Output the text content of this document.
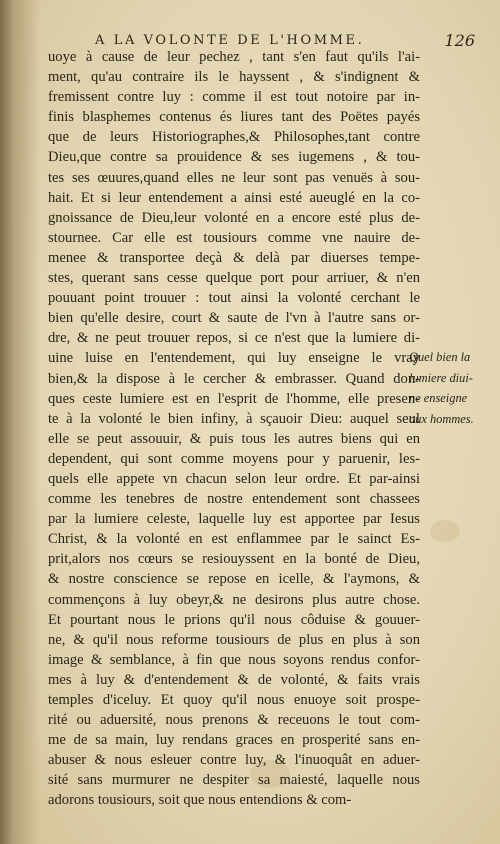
A LA VOLONTE DE L'HOMME.	126
uoye à cause de leur pechez , tant s'en faut qu'ils l'ai-
ment, qu'au contraire ils le hayssent , & s'indignent &
fremissent contre luy : comme il est tout notoire par in-
finis blasphemes contenus és liures tant des Poëtes payés
que de leurs Historiographes,& Philosophes,tant contre
Dieu,que contre sa prouidence & ses iugemens , & tou-
tes ses œuures,quand elles ne leur sont pas venuës à sou-
hait. Et si leur entendement a ainsi esté aueuglé en la co-
gnoissance de Dieu,leur volonté en a encore esté plus de-
stournee. Car elle est tousiours comme vne nauire de-
menee & transportee deçà & delà par diuerses tempe-
stes, querant sans cesse quelque port pour arriuer, & n'en
pouuant point trouuer : tout ainsi la volonté cerchant le
bien qu'elle desire, court & saute de l'vn à l'autre sans or-
dre, & ne peut trouuer repos, si ce n'est que la lumiere di-
uine luise en l'entendement, qui luy enseigne le vray
bien,& la dispose à le cercher & embrasser. Quand don-
ques ceste lumiere est en l'esprit de l'homme, elle presen-
te à la volonté le bien infiny, à sçauoir Dieu: auquel seul
elle se peut assouuir, & puis tous les autres biens qui en
dependent, qui sont comme moyens pour y paruenir, les-
quels elle appete vn chacun selon leur ordre. Et par-ainsi
comme les tenebres de nostre entendement sont chassees
par la lumiere celeste, laquelle luy est apportee par Iesus
Christ, & la volonté en est enflammee par le sainct Es-
prit,alors nos cœurs se resiouyssent en la bonté de Dieu,
& nostre conscience se repose en icelle, & l'aymons, &
commençons à luy obeyr,& ne desirons plus autre chose.
Et pourtant nous le prions qu'il nous côduise & gouuer-
ne, & qu'il nous reforme tousiours de plus en plus à son
image & semblance, à fin que nous soyons rendus confor-
mes à luy & d'entendement & de volonté, & faits vrais
temples d'iceluy. Et quoy qu'il nous enuoye soit prospe-
rité ou aduersité, nous prenons & receuons le tout com-
me de sa main, luy rendans graces en prosperité sans en-
abuser & nous esleuer contre luy, & l'inuoquât en aduer-
sité sans murmurer ne despiter sa maiesté, laquelle nous
adorons tousiours, soit que nous entendions & com-
Quel bien la
lumiere diui-
ne enseigne
aux hommes.
